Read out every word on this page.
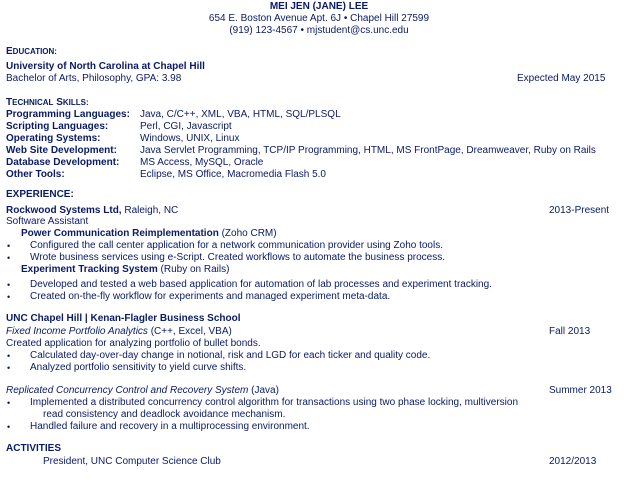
MEI JEN (JANE) LEE
654 E. Boston Avenue Apt. 6J • Chapel Hill 27599
(919) 123-4567 • mjstudent@cs.unc.edu
EDUCATION:
University of North Carolina at Chapel Hill
Bachelor of Arts, Philosophy, GPA: 3.98	Expected May 2015
TECHNICAL SKILLS:
Programming Languages: Java, C/C++, XML, VBA, HTML, SQL/PLSQL
Scripting Languages:	Perl, CGI, Javascript
Operating Systems:	Windows, UNIX, Linux
Web Site Development: Java Servlet Programming, TCP/IP Programming, HTML, MS FrontPage, Dreamweaver, Ruby on Rails
Database Development: MS Access, MySQL, Oracle
Other Tools:	Eclipse, MS Office, Macromedia Flash 5.0
EXPERIENCE:
Rockwood Systems Ltd, Raleigh, NC	2013-Present
Software Assistant
Power Communication Reimplementation (Zoho CRM)
• Configured the call center application for a network communication provider using Zoho tools.
• Wrote business services using e-Script. Created workflows to automate the business process.
Experiment Tracking System (Ruby on Rails)
• Developed and tested a web based application for automation of lab processes and experiment tracking.
• Created on-the-fly workflow for experiments and managed experiment meta-data.
UNC Chapel Hill | Kenan-Flagler Business School
Fixed Income Portfolio Analytics (C++, Excel, VBA)	Fall 2013
Created application for analyzing portfolio of bullet bonds.
• Calculated day-over-day change in notional, risk and LGD for each ticker and quality code.
• Analyzed portfolio sensitivity to yield curve shifts.
Replicated Concurrency Control and Recovery System (Java)	Summer 2013
• Implemented a distributed concurrency control algorithm for transactions using two phase locking, multiversion
read consistency and deadlock avoidance mechanism.
• Handled failure and recovery in a multiprocessing environment.
ACTIVITIES
President, UNC Computer Science Club	2012/2013
